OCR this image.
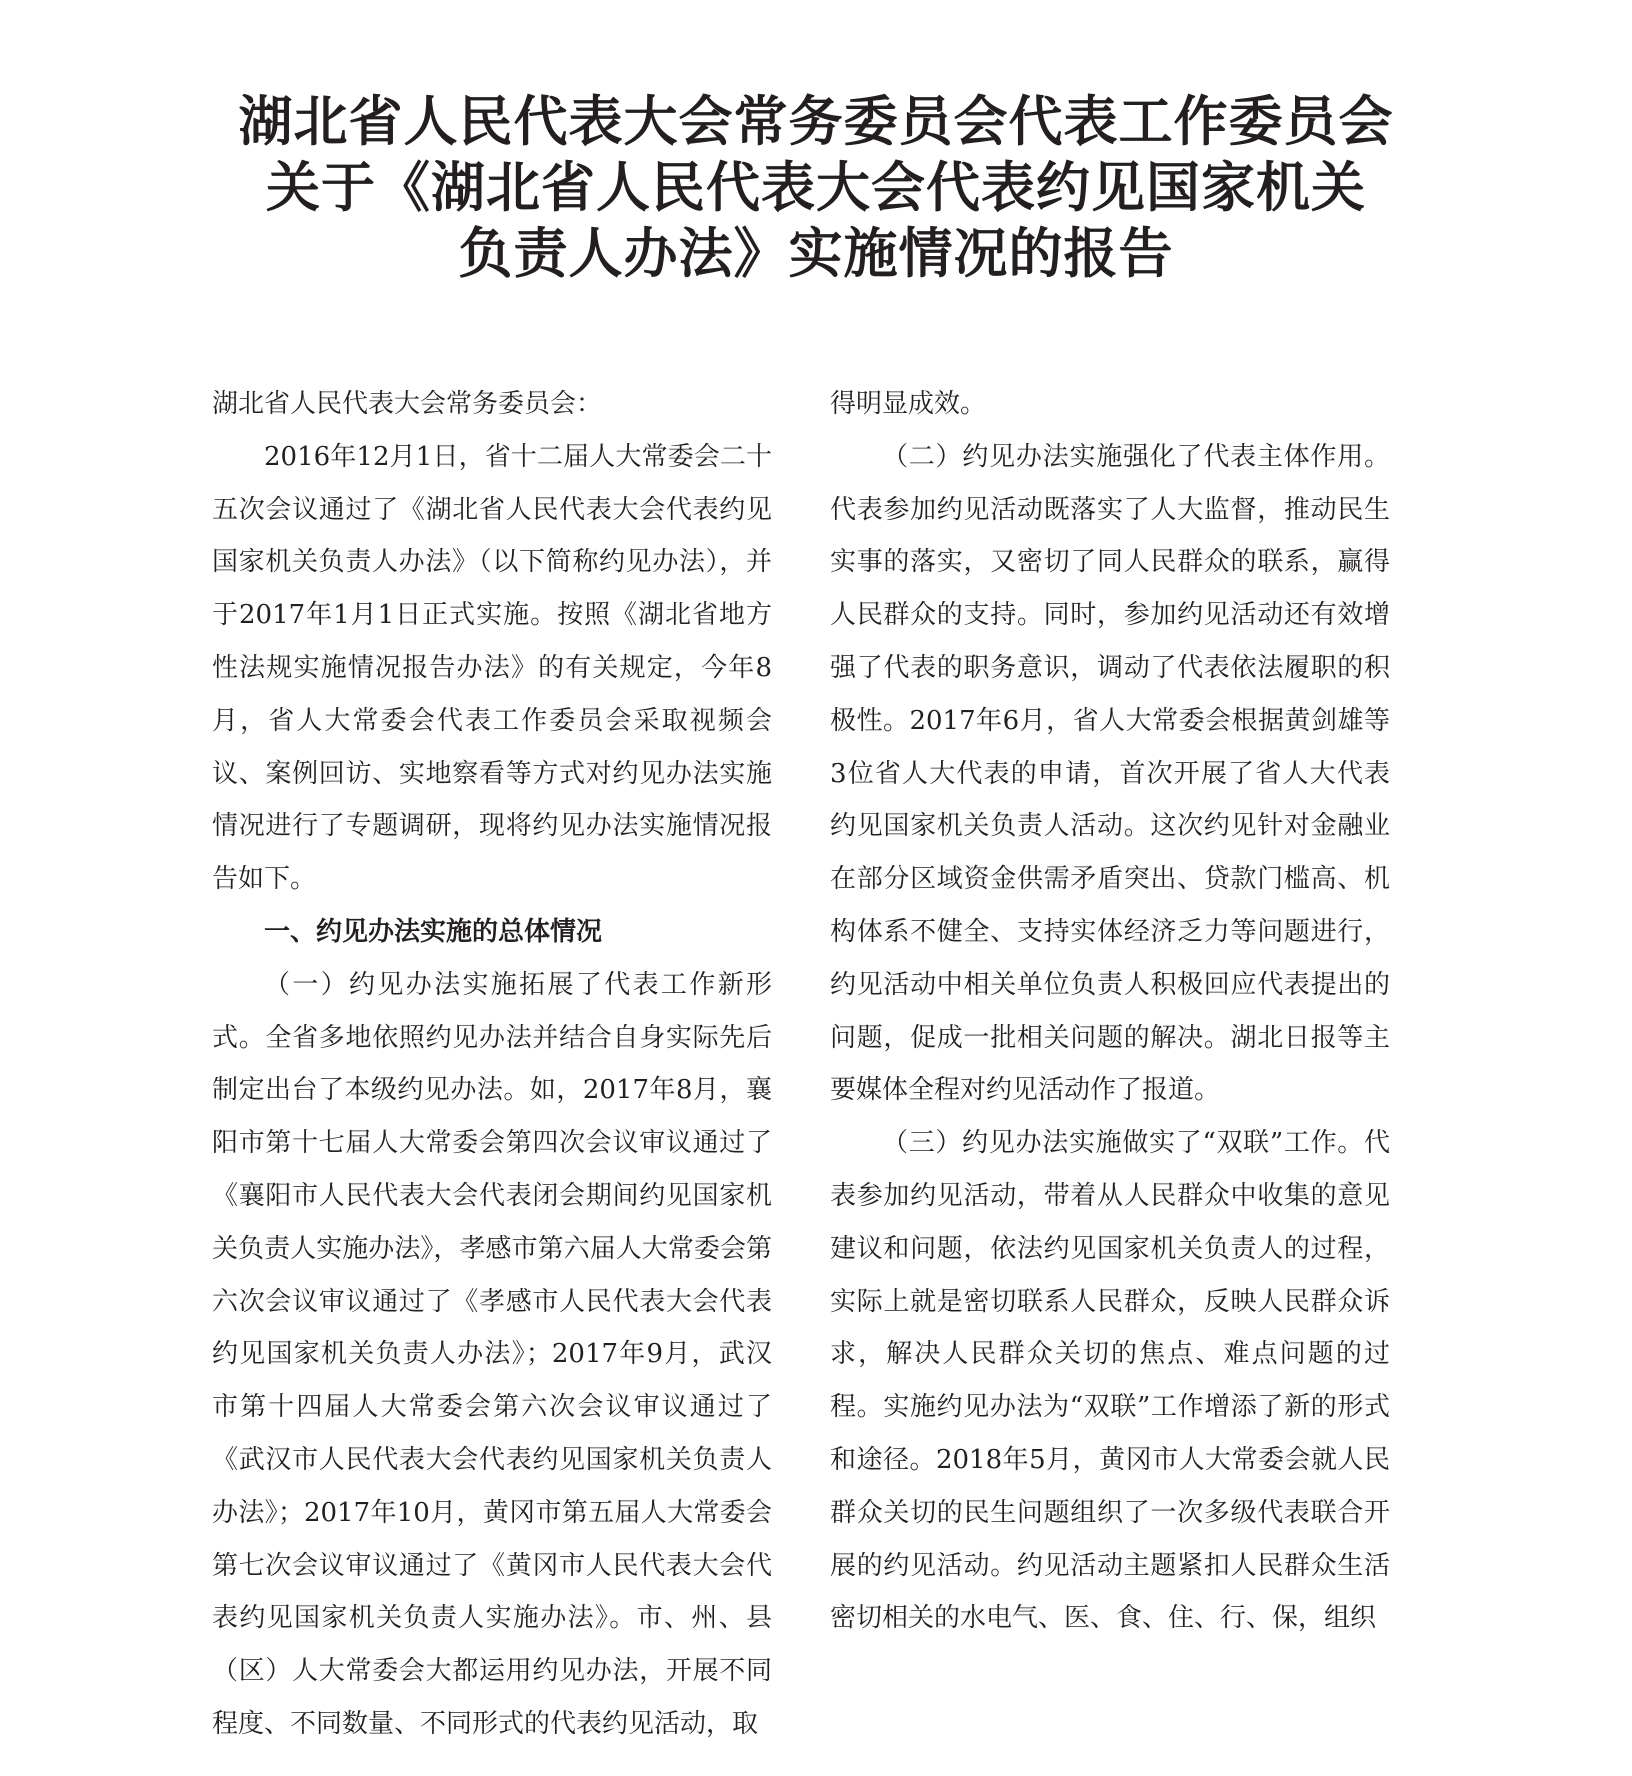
湖北省人民代表大会常务委员会代表工作委员会
关于《湖北省人民代表大会代表约见国家机关
负责人办法》实施情况的报告

湖北省人民代表大会常务委员会：

2016年12月1日，省十二届人大常委会二十五次会议通过了《湖北省人民代表大会代表约见国家机关负责人办法》（以下简称约见办法），并于2017年1月1日正式实施。按照《湖北省地方性法规实施情况报告办法》的有关规定，今年8月，省人大常委会代表工作委员会采取视频会议、案例回访、实地察看等方式对约见办法实施情况进行了专题调研，现将约见办法实施情况报告如下。

一、约见办法实施的总体情况

（一）约见办法实施拓展了代表工作新形式。全省多地依照约见办法并结合自身实际先后制定出台了本级约见办法。如，2017年8月，襄阳市第十七届人大常委会第四次会议审议通过了《襄阳市人民代表大会代表闭会期间约见国家机关负责人实施办法》，孝感市第六届人大常委会第六次会议审议通过了《孝感市人民代表大会代表约见国家机关负责人办法》；2017年9月，武汉市第十四届人大常委会第六次会议审议通过了《武汉市人民代表大会代表约见国家机关负责人办法》；2017年10月，黄冈市第五届人大常委会第七次会议审议通过了《黄冈市人民代表大会代表约见国家机关负责人实施办法》。市、州、县（区）人大常委会大都运用约见办法，开展不同程度、不同数量、不同形式的代表约见活动，取

得明显成效。

（二）约见办法实施强化了代表主体作用。代表参加约见活动既落实了人大监督，推动民生实事的落实，又密切了同人民群众的联系，赢得人民群众的支持。同时，参加约见活动还有效增强了代表的职务意识，调动了代表依法履职的积极性。2017年6月，省人大常委会根据黄剑雄等3位省人大代表的申请，首次开展了省人大代表约见国家机关负责人活动。这次约见针对金融业在部分区域资金供需矛盾突出、贷款门槛高、机构体系不健全、支持实体经济乏力等问题进行，约见活动中相关单位负责人积极回应代表提出的问题，促成一批相关问题的解决。湖北日报等主要媒体全程对约见活动作了报道。

（三）约见办法实施做实了“双联”工作。代表参加约见活动，带着从人民群众中收集的意见建议和问题，依法约见国家机关负责人的过程，实际上就是密切联系人民群众，反映人民群众诉求，解决人民群众关切的焦点、难点问题的过程。实施约见办法为“双联”工作增添了新的形式和途径。2018年5月，黄冈市人大常委会就人民群众关切的民生问题组织了一次多级代表联合开展的约见活动。约见活动主题紧扣人民群众生活密切相关的水电气、医、食、住、行、保，组织
